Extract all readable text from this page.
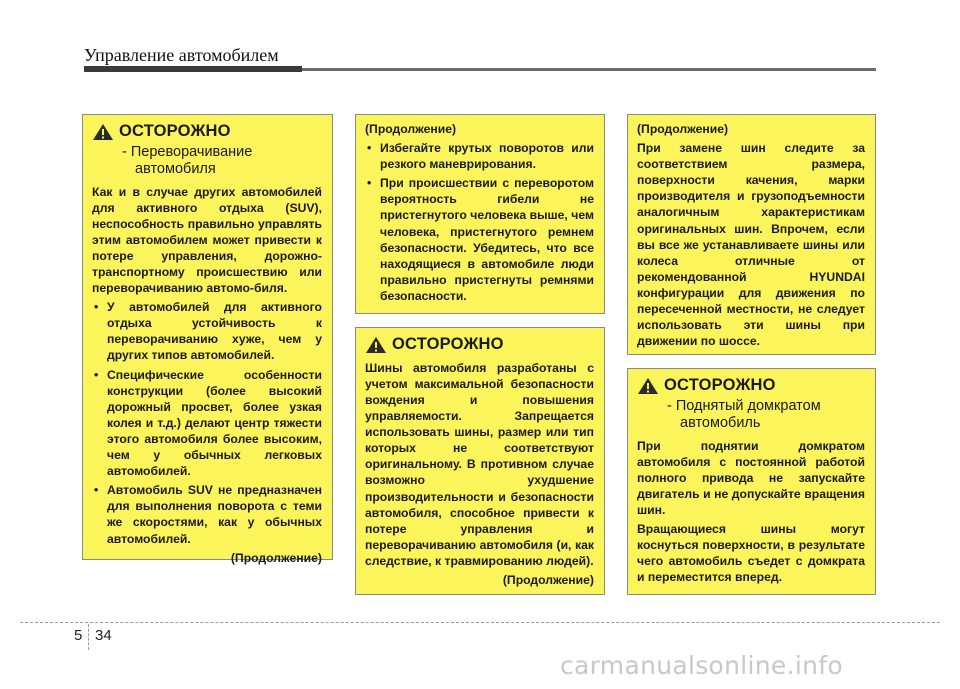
Управление автомобилем
ОСТОРОЖНО
- Переворачивание
автомобиля

Как и в случае других автомобилей для активного отдыха (SUV), неспособность правильно управлять этим автомобилем может привести к потере управления, дорожно-транспортному происшествию или переворачиванию автомо-биля.

• У автомобилей для активного отдыха устойчивость к переворачиванию хуже, чем у других типов автомобилей.
• Специфические особенности конструкции (более высокий дорожный просвет, более узкая колея и т.д.) делают центр тяжести этого автомобиля более высоким, чем у обычных легковых автомобилей.
• Автомобиль SUV не предназначен для выполнения поворота с теми же скоростями, как у обычных автомобилей.
(Продолжение)
(Продолжение)
• Избегайте крутых поворотов или резкого маневрирования.
• При происшествии с переворотом вероятность гибели не пристегнутого человека выше, чем человека, пристегнутого ремнем безопасности. Убедитесь, что все находящиеся в автомобиле люди правильно пристегнуты ремнями безопасности.
ОСТОРОЖНО

Шины автомобиля разработаны с учетом максимальной безопасности вождения и повышения управляемости. Запрещается использовать шины, размер или тип которых не соответствуют оригинальному. В противном случае возможно ухудшение производительности и безопасности автомобиля, способное привести к потере управления и переворачиванию автомобиля (и, как следствие, к травмированию людей).

(Продолжение)
(Продолжение)

При замене шин следите за соответствием размера, поверхности качения, марки производителя и грузоподъемности аналогичным характеристикам оригинальных шин. Впрочем, если вы все же устанавливаете шины или колеса отличные от рекомендованной HYUNDAI конфигурации для движения по пересеченной местности, не следует использовать эти шины при движении по шоссе.

ОСТОРОЖНО
- Поднятый домкратом
автомобиль

При поднятии домкратом автомобиля с постоянной работой полного привода не запускайте двигатель и не допускайте вращения шин.

Вращающиеся шины могут коснуться поверхности, в результате чего автомобиль съедет с домкрата и переместится вперед.

5 34
carmanualsonline.info
